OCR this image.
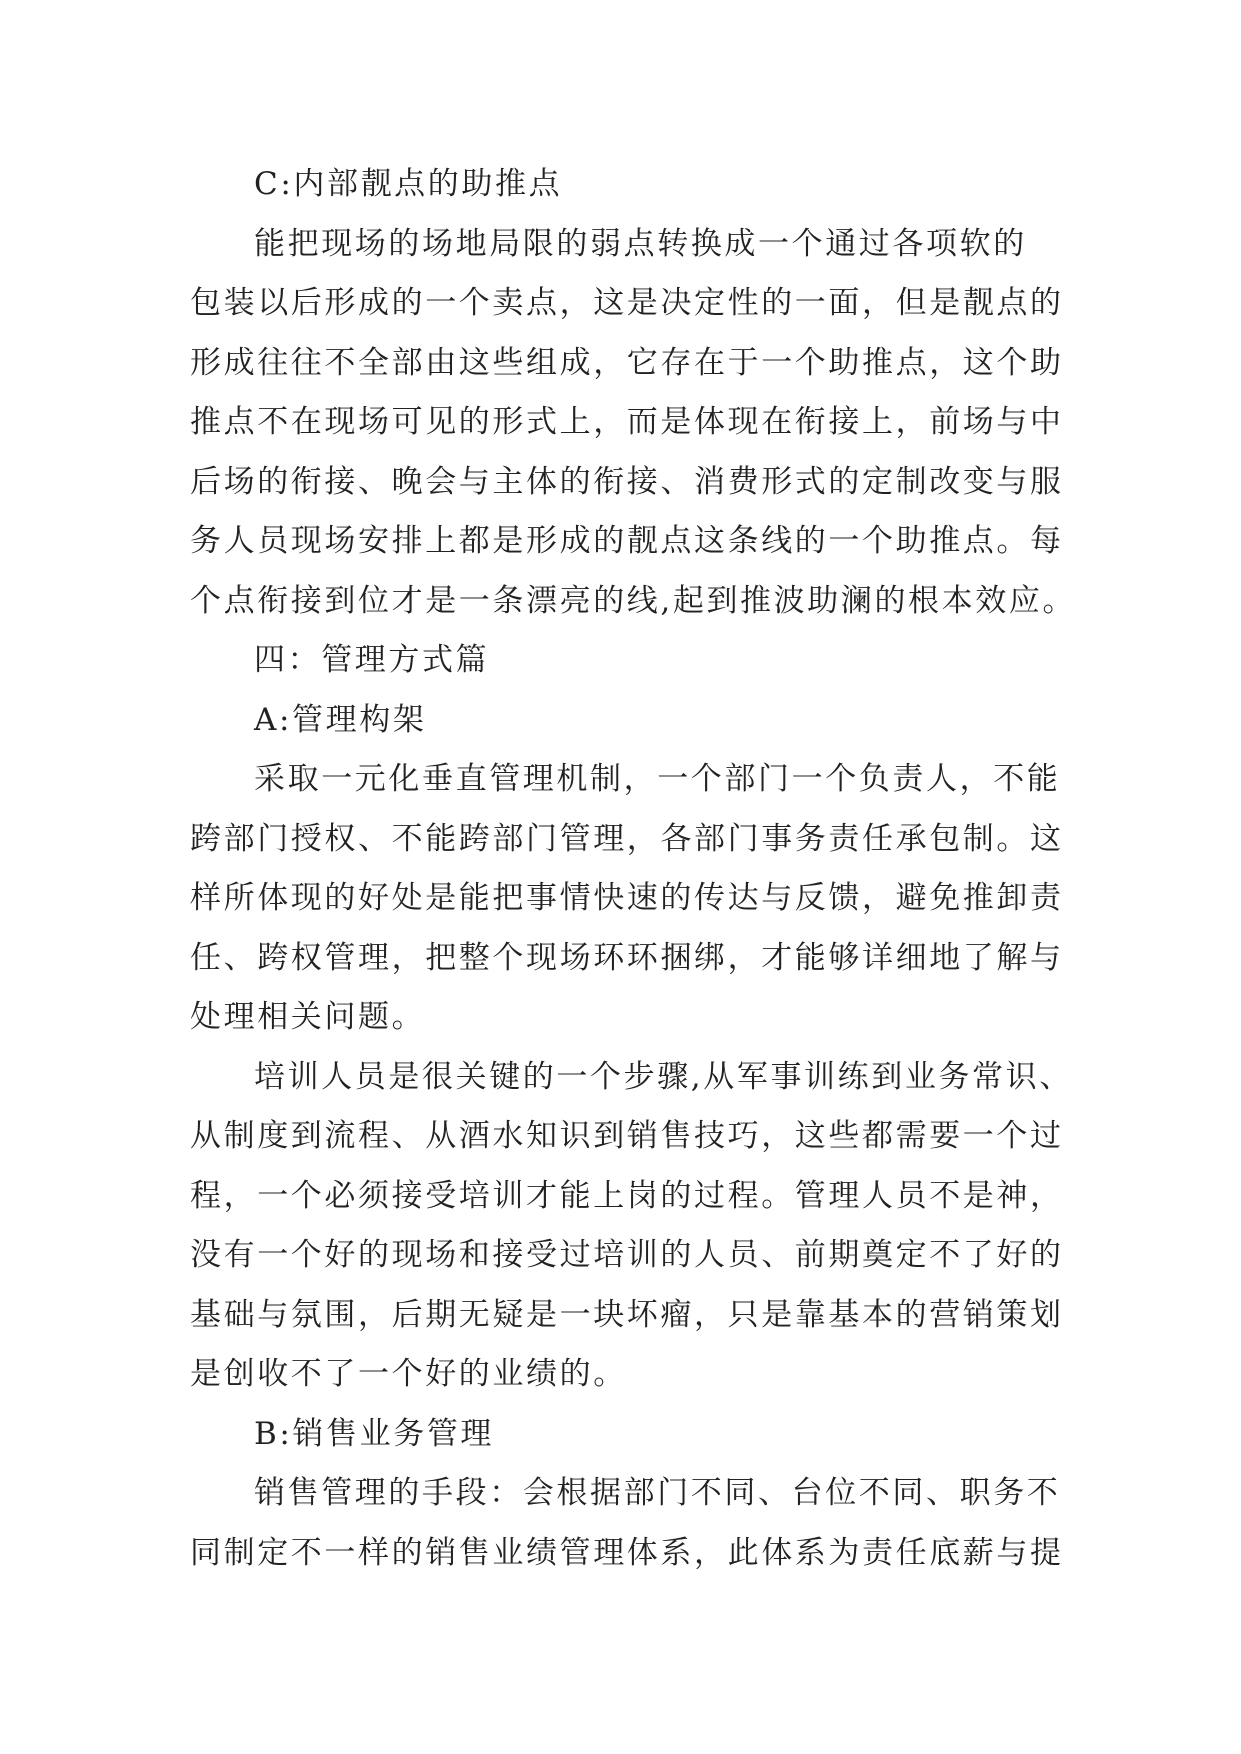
C:内部靓点的助推点
能把现场的场地局限的弱点转换成一个通过各项软的
包装以后形成的一个卖点，这是决定性的一面，但是靓点的
形成往往不全部由这些组成，它存在于一个助推点，这个助
推点不在现场可见的形式上，而是体现在衔接上，前场与中
后场的衔接、晚会与主体的衔接、消费形式的定制改变与服
务人员现场安排上都是形成的靓点这条线的一个助推点。每
个点衔接到位才是一条漂亮的线,起到推波助澜的根本效应。
四：管理方式篇
A:管理构架
采取一元化垂直管理机制，一个部门一个负责人，不能
跨部门授权、不能跨部门管理，各部门事务责任承包制。这
样所体现的好处是能把事情快速的传达与反馈，避免推卸责
任、跨权管理，把整个现场环环捆绑，才能够详细地了解与
处理相关问题。
培训人员是很关键的一个步骤,从军事训练到业务常识、
从制度到流程、从酒水知识到销售技巧，这些都需要一个过
程，一个必须接受培训才能上岗的过程。管理人员不是神，
没有一个好的现场和接受过培训的人员、前期奠定不了好的
基础与氛围，后期无疑是一块坏瘤，只是靠基本的营销策划
是创收不了一个好的业绩的。
B:销售业务管理
销售管理的手段：会根据部门不同、台位不同、职务不
同制定不一样的销售业绩管理体系，此体系为责任底薪与提
